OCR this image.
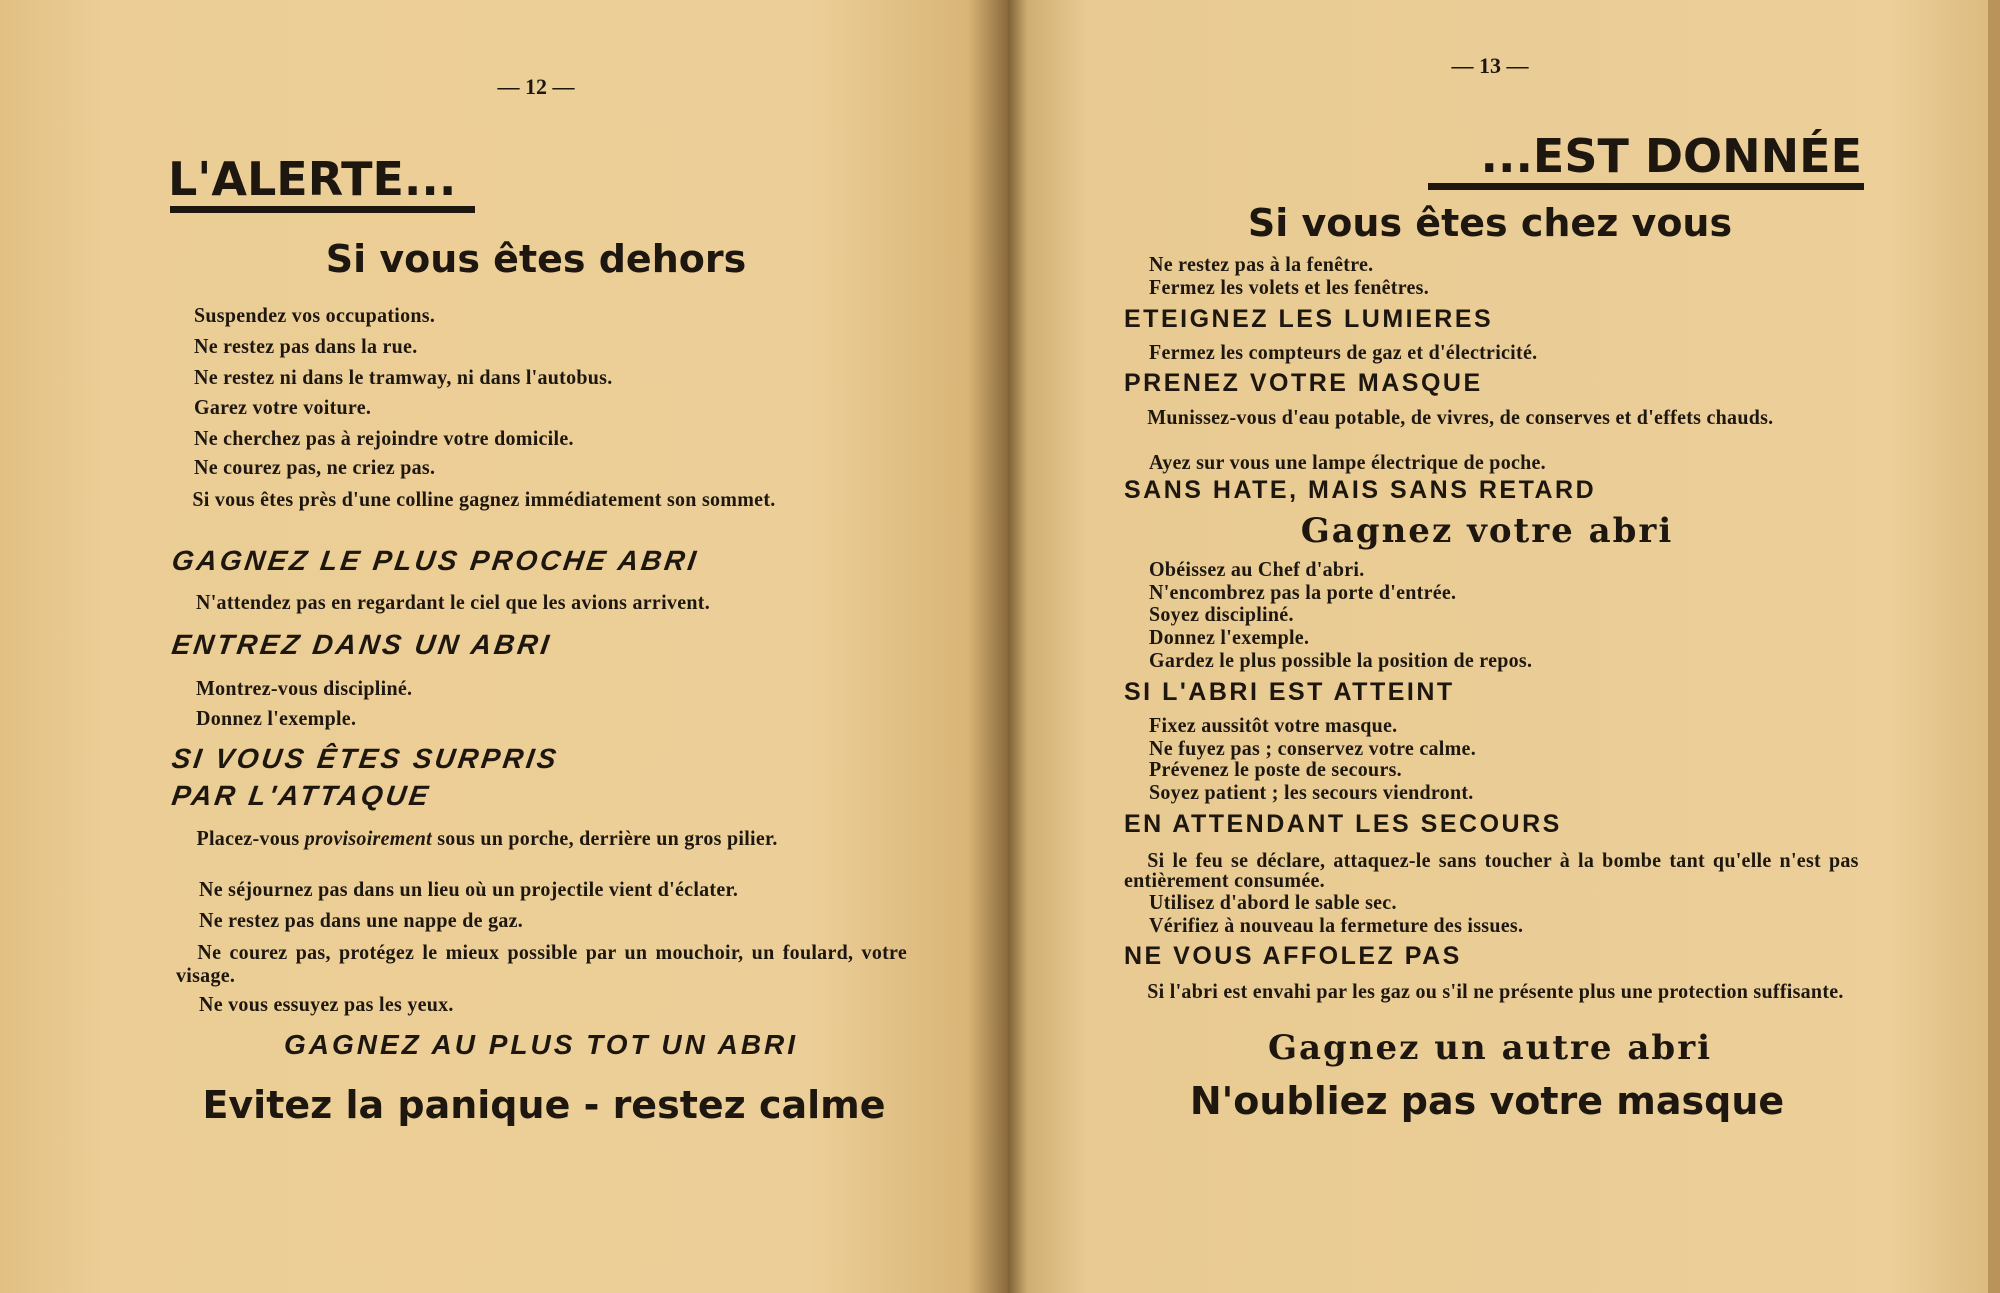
— 12 —
L'ALERTE...
Si vous êtes dehors
Suspendez vos occupations.
Ne restez pas dans la rue.
Ne restez ni dans le tramway, ni dans l'autobus.
Garez votre voiture.
Ne cherchez pas à rejoindre votre domicile.
Ne courez pas, ne criez pas.
Si vous êtes près d'une colline gagnez immédiatement son sommet.
GAGNEZ LE PLUS PROCHE ABRI
N'attendez pas en regardant le ciel que les avions arrivent.
ENTREZ DANS UN ABRI
Montrez-vous discipliné.
Donnez l'exemple.
SI VOUS ÊTES SURPRIS
PAR L'ATTAQUE
Placez-vous provisoirement sous un porche, derrière un gros pilier.
Ne séjournez pas dans un lieu où un projectile vient d'éclater.
Ne restez pas dans une nappe de gaz.
Ne courez pas, protégez le mieux possible par un mouchoir, un foulard, votre visage.
Ne vous essuyez pas les yeux.
GAGNEZ AU PLUS TOT UN ABRI
Evitez la panique - restez calme
— 13 —
...EST DONNÉE
Si vous êtes chez vous
Ne restez pas à la fenêtre.
Fermez les volets et les fenêtres.
ETEIGNEZ LES LUMIERES
Fermez les compteurs de gaz et d'électricité.
PRENEZ VOTRE MASQUE
Munissez-vous d'eau potable, de vivres, de conserves et d'effets chauds.
Ayez sur vous une lampe électrique de poche.
SANS HATE, MAIS SANS RETARD
Gagnez votre abri
Obéissez au Chef d'abri.
N'encombrez pas la porte d'entrée.
Soyez discipliné.
Donnez l'exemple.
Gardez le plus possible la position de repos.
SI L'ABRI EST ATTEINT
Fixez aussitôt votre masque.
Ne fuyez pas ; conservez votre calme.
Prévenez le poste de secours.
Soyez patient ; les secours viendront.
EN ATTENDANT LES SECOURS
Si le feu se déclare, attaquez-le sans toucher à la bombe tant qu'elle n'est pas entièrement consumée.
Utilisez d'abord le sable sec.
Vérifiez à nouveau la fermeture des issues.
NE VOUS AFFOLEZ PAS
Si l'abri est envahi par les gaz ou s'il ne présente plus une protection suffisante.
Gagnez un autre abri
N'oubliez pas votre masque
